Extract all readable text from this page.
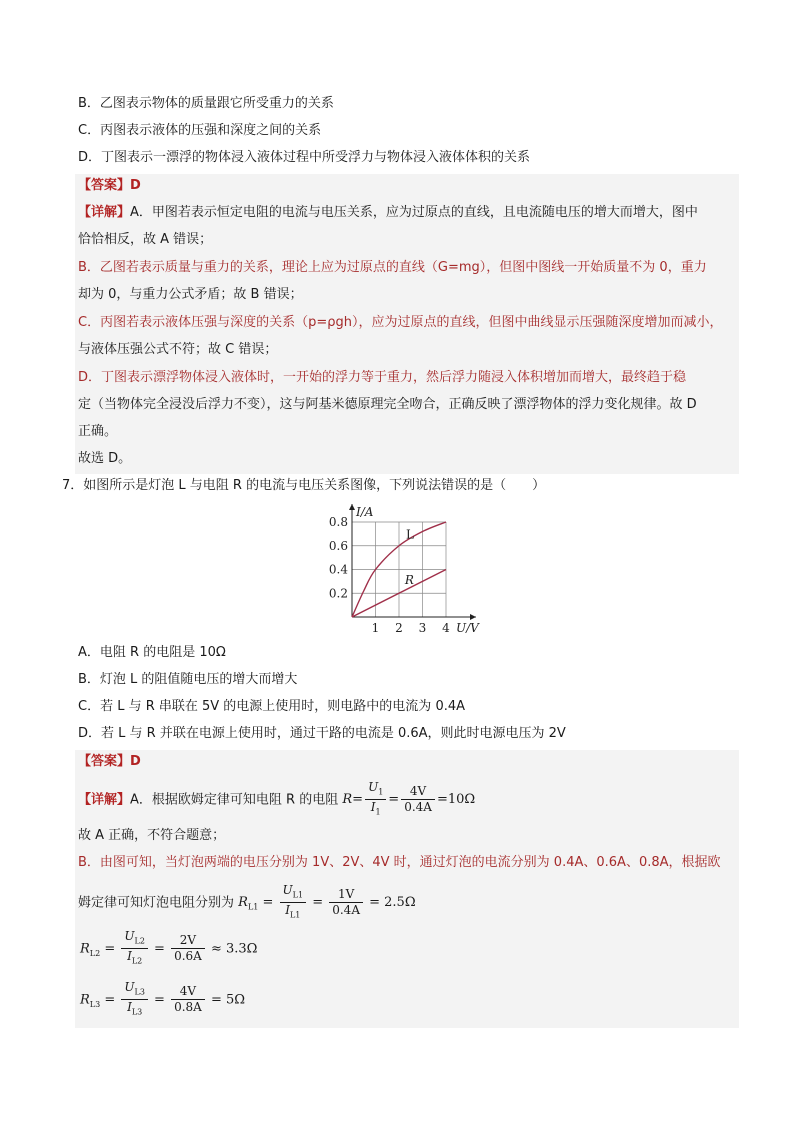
B．乙图表示物体的质量跟它所受重力的关系
C．丙图表示液体的压强和深度之间的关系
D．丁图表示一漂浮的物体浸入液体过程中所受浮力与物体浸入液体体积的关系
【答案】D
【详解】A．甲图若表示恒定电阻的电流与电压关系，应为过原点的直线，且电流随电压的增大而增大，图中
恰恰相反，故 A 错误；
B．乙图若表示质量与重力的关系，理论上应为过原点的直线（G=mg），但图中图线一开始质量不为 0，重力
却为 0，与重力公式矛盾；故 B 错误；
C．丙图若表示液体压强与深度的关系（p=ρgh），应为过原点的直线，但图中曲线显示压强随深度增加而减小，
与液体压强公式不符；故 C 错误；
D．丁图表示漂浮物体浸入液体时，一开始的浮力等于重力，然后浮力随浸入体积增加而增大，最终趋于稳
定（当物体完全浸没后浮力不变），这与阿基米德原理完全吻合，正确反映了漂浮物体的浮力变化规律。故 D
正确。
故选 D。
7．如图所示是灯泡 L 与电阻 R 的电流与电压关系图像，下列说法错误的是（　　）
1 2 3 4
0.2
0.4
0.6
0.8
I/A
U/V
L
R
A．电阻 R 的电阻是 10Ω
B．灯泡 L 的阻值随电压的增大而增大
C．若 L 与 R 串联在 5V 的电源上使用时，则电路中的电流为 0.4A
D．若 L 与 R 并联在电源上使用时，通过干路的电流是 0.6A，则此时电源电压为 2V
【答案】D
【详解】A．根据欧姆定律可知电阻 R 的电阻 $R= \frac{U_1}{I_1} = \frac{4V}{0.4A} =10\Omega$
故 A 正确，不符合题意；
B．由图可知，当灯泡两端的电压分别为 1V、2V、4V 时，通过灯泡的电流分别为 0.4A、0.6A、0.8A，根据欧
姆定律可知灯泡电阻分别为 $R_{L1} = \frac{U_{L1}}{I_{L1}} = \frac{1V}{0.4A} = 2.5\Omega$
$R_{L2} = \frac{U_{L2}}{I_{L2}} = \frac{2V}{0.6A} \approx 3.3\Omega$
$R_{L3} = \frac{U_{L3}}{I_{L3}} = \frac{4V}{0.8A} = 5\Omega$
